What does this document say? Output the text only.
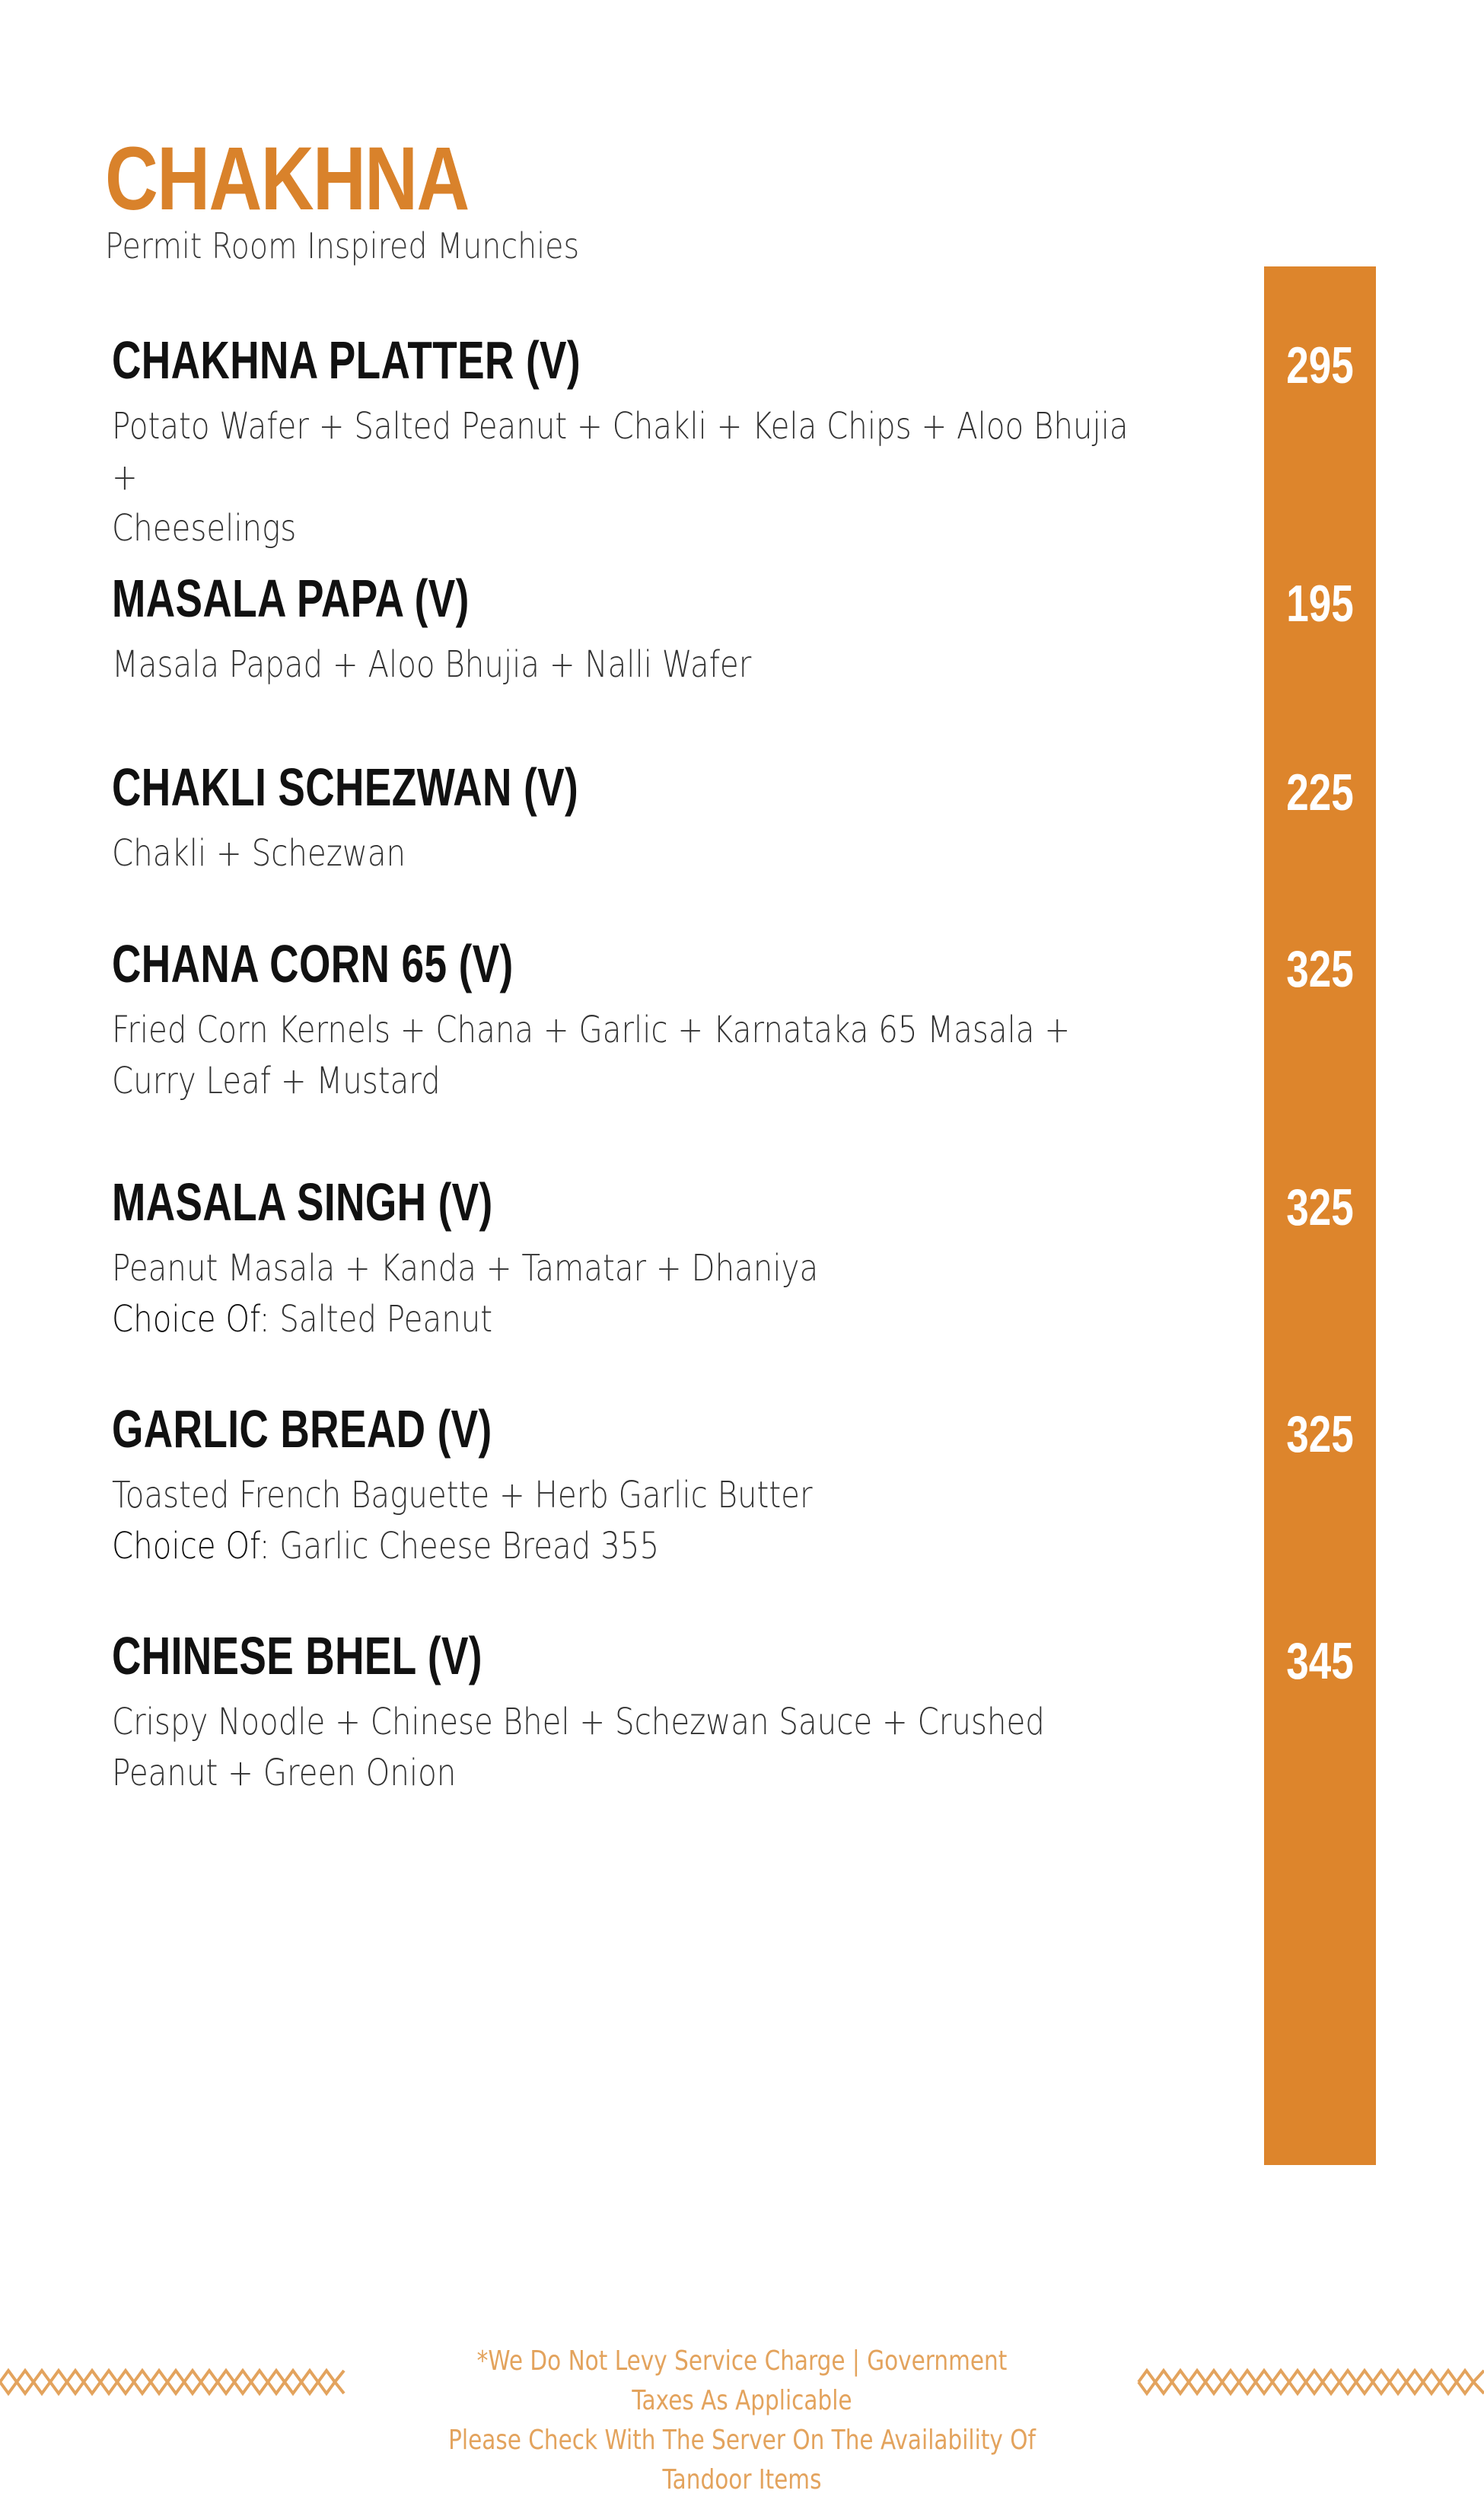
CHAKHNA
Permit Room Inspired Munchies
CHAKHNA PLATTER (V)
Potato Wafer + Salted Peanut + Chakli + Kela Chips + Aloo Bhujia +
Cheeselings
295
MASALA PAPA (V)
Masala Papad + Aloo Bhujia + Nalli Wafer
195
CHAKLI SCHEZWAN (V)
Chakli + Schezwan
225
CHANA CORN 65 (V)
Fried Corn Kernels + Chana + Garlic + Karnataka 65 Masala +
Curry Leaf + Mustard
325
MASALA SINGH (V)
Peanut Masala + Kanda + Tamatar + Dhaniya
Choice Of: Salted Peanut
325
GARLIC BREAD (V)
Toasted French Baguette + Herb Garlic Butter
Choice Of: Garlic Cheese Bread 355
325
CHINESE BHEL (V)
Crispy Noodle + Chinese Bhel + Schezwan Sauce + Crushed
Peanut + Green Onion
345
*We Do Not Levy Service Charge | Government Taxes As Applicable
Please Check With The Server On The Availability Of Tandoor Items
